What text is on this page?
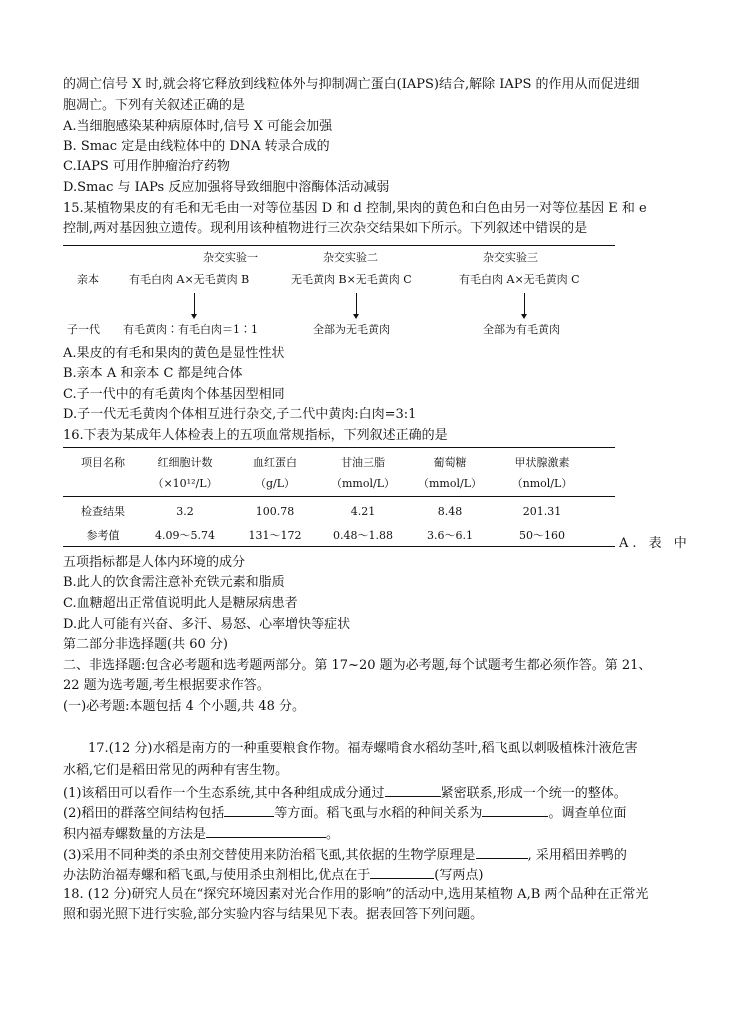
的凋亡信号 X 时,就会将它释放到线粒体外与抑制凋亡蛋白(IAPS)结合,解除 IAPS 的作用从而促进细
胞凋亡。下列有关叙述正确的是
A.当细胞感染某种病原体时,信号 X 可能会加强
B. Smac 定是由线粒体中的 DNA 转录合成的
C.IAPS 可用作肿瘤治疗药物
D.Smac 与 IAPs 反应加强将导致细胞中溶酶体活动减弱
15.某植物果皮的有毛和无毛由一对等位基因 D 和 d 控制,果肉的黄色和白色由另一对等位基因 E 和 e
控制,两对基因独立遗传。现利用该种植物进行三次杂交结果如下所示。下列叙述中错误的是
杂交实验一	杂交实验二	杂交实验三
亲本	有毛白肉 A×无毛黄肉 B	无毛黄肉 B×无毛黄肉 C	有毛白肉 A×无毛黄肉 C
子一代 有毛黄肉∶有毛白肉＝1∶1	全部为无毛黄肉	全部为有毛黄肉
A.果皮的有毛和果肉的黄色是显性性状
B.亲本 A 和亲本 C 都是纯合体
C.子一代中的有毛黄肉个体基因型相同
D.子一代无毛黄肉个体相互进行杂交,子二代中黄肉:白肉=3:1
16.下表为某成年人体检表上的五项血常规指标，下列叙述正确的是
项目名称	红细胞计数	血红蛋白	甘油三脂	葡萄糖	甲状腺激素
（×10¹²/L）	（g/L）	（mmol/L）	（mmol/L）	（nmol/L）
检查结果	3.2	100.78	4.21	8.48	201.31
参考值	4.09～5.74	131～172	0.48～1.88	3.6～6.1	50～160
A. 表 中
五项指标都是人体内环境的成分
B.此人的饮食需注意补充铁元素和脂质
C.血糖超出正常值说明此人是糖尿病患者
D.此人可能有兴奋、多汗、易怒、心率增快等症状
第二部分非选择题(共 60 分)
二、非选择题:包含必考题和选考题两部分。第 17~20 题为必考题,每个试题考生都必须作答。第 21、
22 题为选考题,考生根据要求作答。
(一)必考题:本题包括 4 个小题,共 48 分。
17.(12 分)水稻是南方的一种重要粮食作物。福寿螺啃食水稻幼茎叶,稻飞虱以刺吸植株汁液危害
水稻,它们是稻田常见的两种有害生物。
(1)该稻田可以看作一个生态系统,其中各种组成成分通过	紧密联系,形成一个统一的整体。
(2)稻田的群落空间结构包括	等方面。稻飞虱与水稻的种间关系为	。调查单位面
积内福寿螺数量的方法是	。
(3)采用不同种类的杀虫剂交替使用来防治稻飞虱,其依据的生物学原理是	, 采用稻田养鸭的
办法防治福寿螺和稻飞虱,与使用杀虫剂相比,优点在于	(写两点)
18. (12 分)研究人员在“探究环境因素对光合作用的影响”的活动中,选用某植物 A,B 两个品种在正常光
照和弱光照下进行实验,部分实验内容与结果见下表。据表回答下列问题。
